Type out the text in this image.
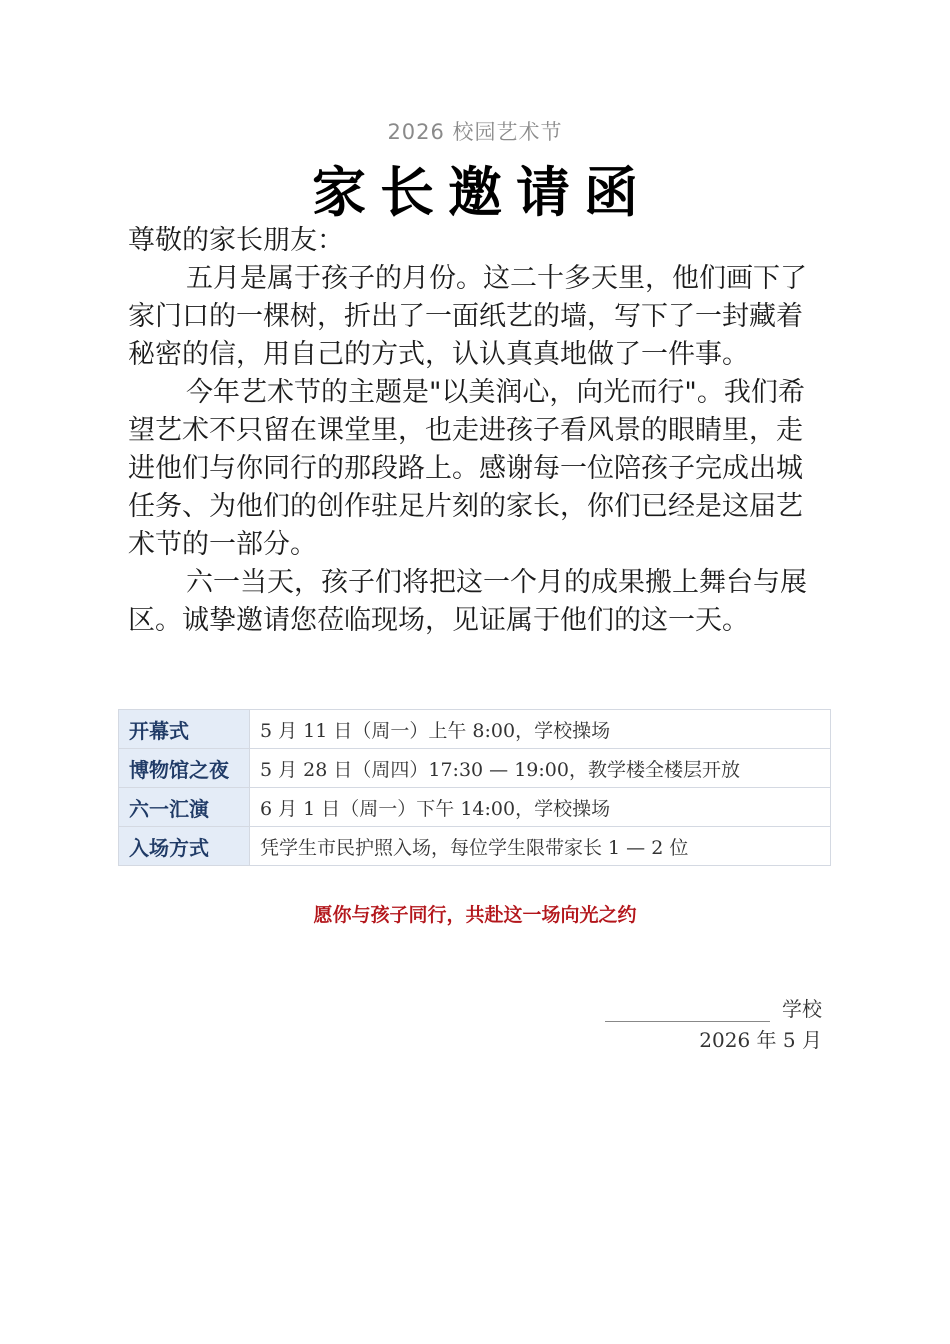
2026 校园艺术节
家长邀请函

尊敬的家长朋友：

五月是属于孩子的月份。这二十多天里，他们画下了家门口的一棵树，折出了一面纸艺的墙，写下了一封藏着秘密的信，用自己的方式，认认真真地做了一件事。

今年艺术节的主题是"以美润心，向光而行"。我们希望艺术不只留在课堂里，也走进孩子看风景的眼睛里，走进他们与你同行的那段路上。感谢每一位陪孩子完成出城任务、为他们的创作驻足片刻的家长，你们已经是这届艺术节的一部分。

六一当天，孩子们将把这一个月的成果搬上舞台与展区。诚挚邀请您莅临现场，见证属于他们的这一天。

开幕式	5 月 11 日（周一）上午 8:00，学校操场
博物馆之夜	5 月 28 日（周四）17:30 — 19:00，教学楼全楼层开放
六一汇演	6 月 1 日（周一）下午 14:00，学校操场
入场方式	凭学生市民护照入场，每位学生限带家长 1 — 2 位
愿你与孩子同行，共赴这一场向光之约
学校
2026 年 5 月
